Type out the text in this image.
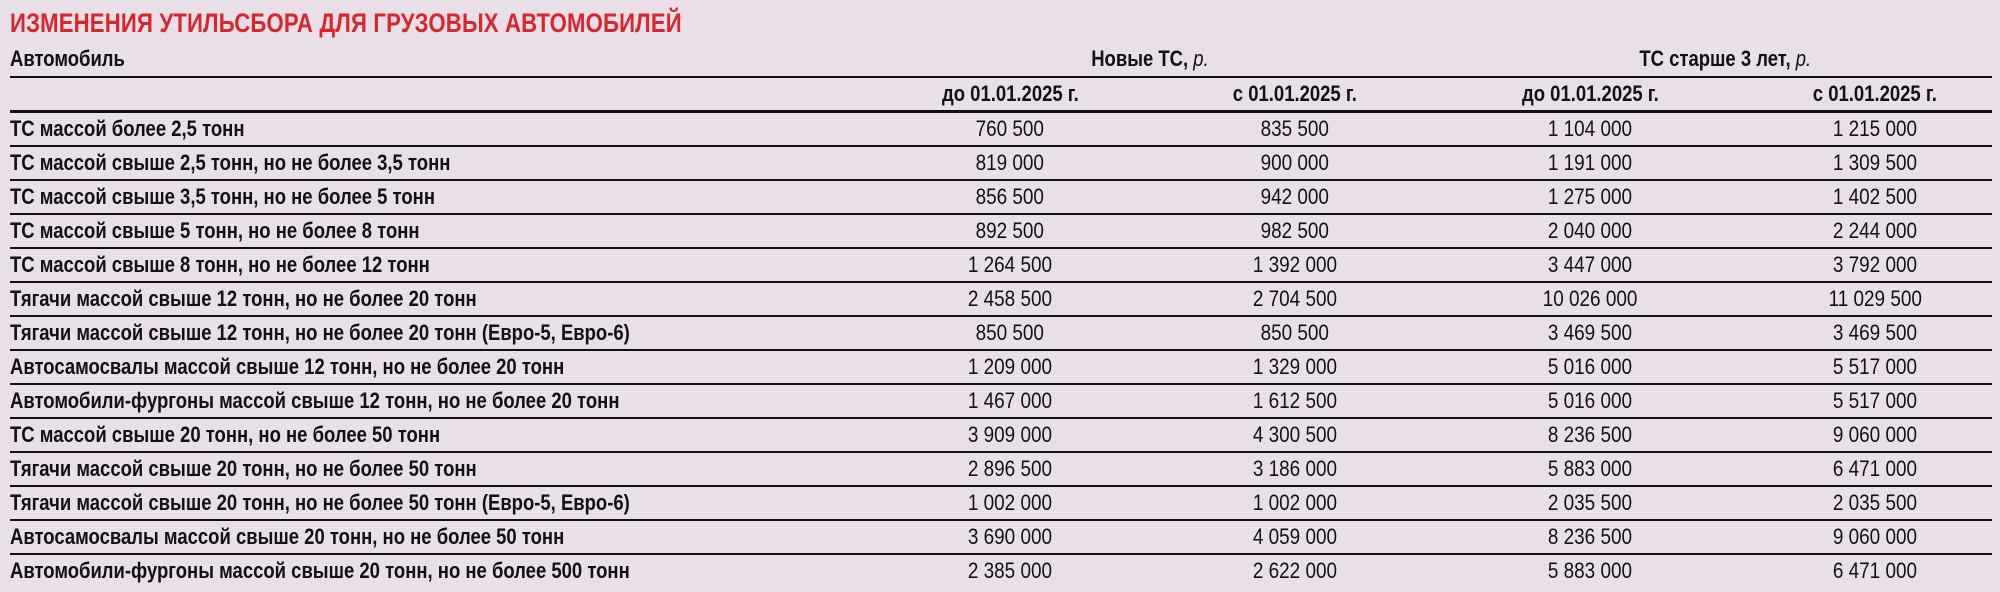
ИЗМЕНЕНИЯ УТИЛЬСБОРА ДЛЯ ГРУЗОВЫХ АВТОМОБИЛЕЙ
Автомобиль	Новые ТС, р.	ТС старше 3 лет, р.
до 01.01.2025 г.	с 01.01.2025 г.	до 01.01.2025 г.	с 01.01.2025 г.
ТС массой более 2,5 тонн	760 500	835 500	1 104 000	1 215 000
ТС массой свыше 2,5 тонн, но не более 3,5 тонн	819 000	900 000	1 191 000	1 309 500
ТС массой свыше 3,5 тонн, но не более 5 тонн	856 500	942 000	1 275 000	1 402 500
ТС массой свыше 5 тонн, но не более 8 тонн	892 500	982 500	2 040 000	2 244 000
ТС массой свыше 8 тонн, но не более 12 тонн	1 264 500	1 392 000	3 447 000	3 792 000
Тягачи массой свыше 12 тонн, но не более 20 тонн	2 458 500	2 704 500	10 026 000	11 029 500
Тягачи массой свыше 12 тонн, но не более 20 тонн (Евро-5, Евро-6)	850 500	850 500	3 469 500	3 469 500
Автосамосвалы массой свыше 12 тонн, но не более 20 тонн	1 209 000	1 329 000	5 016 000	5 517 000
Автомобили-фургоны массой свыше 12 тонн, но не более 20 тонн	1 467 000	1 612 500	5 016 000	5 517 000
ТС массой свыше 20 тонн, но не более 50 тонн	3 909 000	4 300 500	8 236 500	9 060 000
Тягачи массой свыше 20 тонн, но не более 50 тонн	2 896 500	3 186 000	5 883 000	6 471 000
Тягачи массой свыше 20 тонн, но не более 50 тонн (Евро-5, Евро-6)	1 002 000	1 002 000	2 035 500	2 035 500
Автосамосвалы массой свыше 20 тонн, но не более 50 тонн	3 690 000	4 059 000	8 236 500	9 060 000
Автомобили-фургоны массой свыше 20 тонн, но не более 500 тонн	2 385 000	2 622 000	5 883 000	6 471 000
